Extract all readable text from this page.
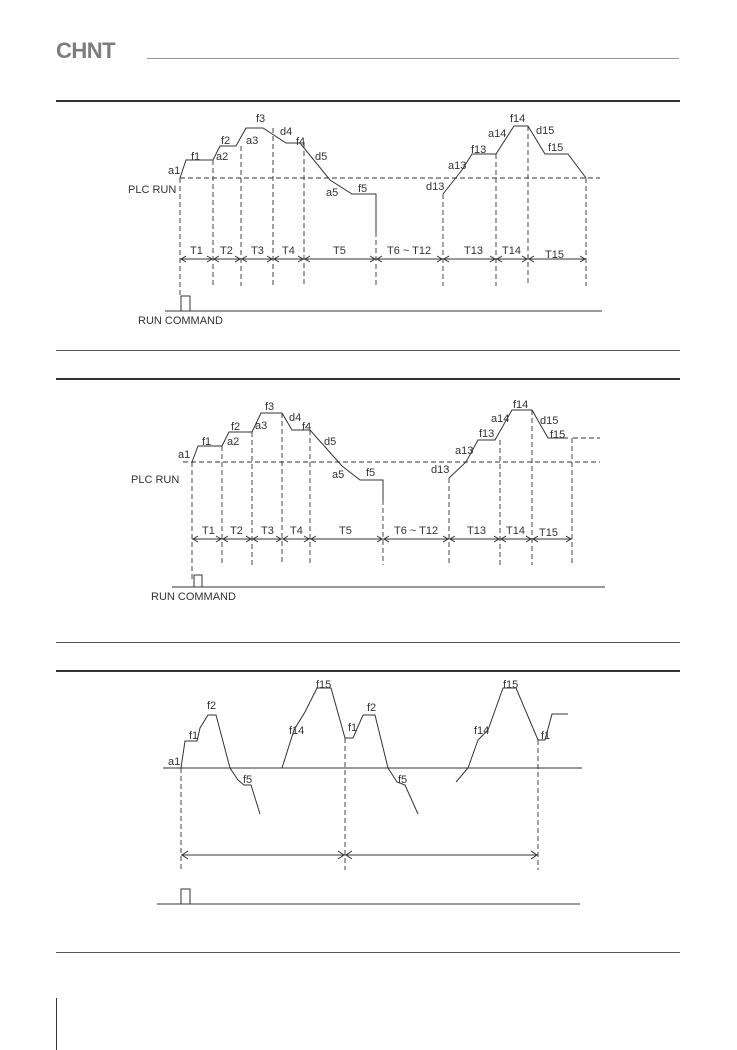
CHNT
PLC RUN
RUN COMMAND
a1
f1
f2
a2
f3
a3
d4
f4
d5
a5 f5
f14
a14	d15
f13	f15
a13
d13
T1 T2 T3 T4	T5	T6 ~ T12	T13 T14 T15
PLC RUN
RUN COMMAND
a1
f1
f2
a2
f3
a3
d4
f4
d5
a5 f5
f14
a14	d15
f13	f15
a13
d13
T1 T2 T3 T4	T5	T6 ~ T12	T13 T14 T15
a1
f1
f2
f5
f14
f15
f1
f2
f5
f14
f15
f1
